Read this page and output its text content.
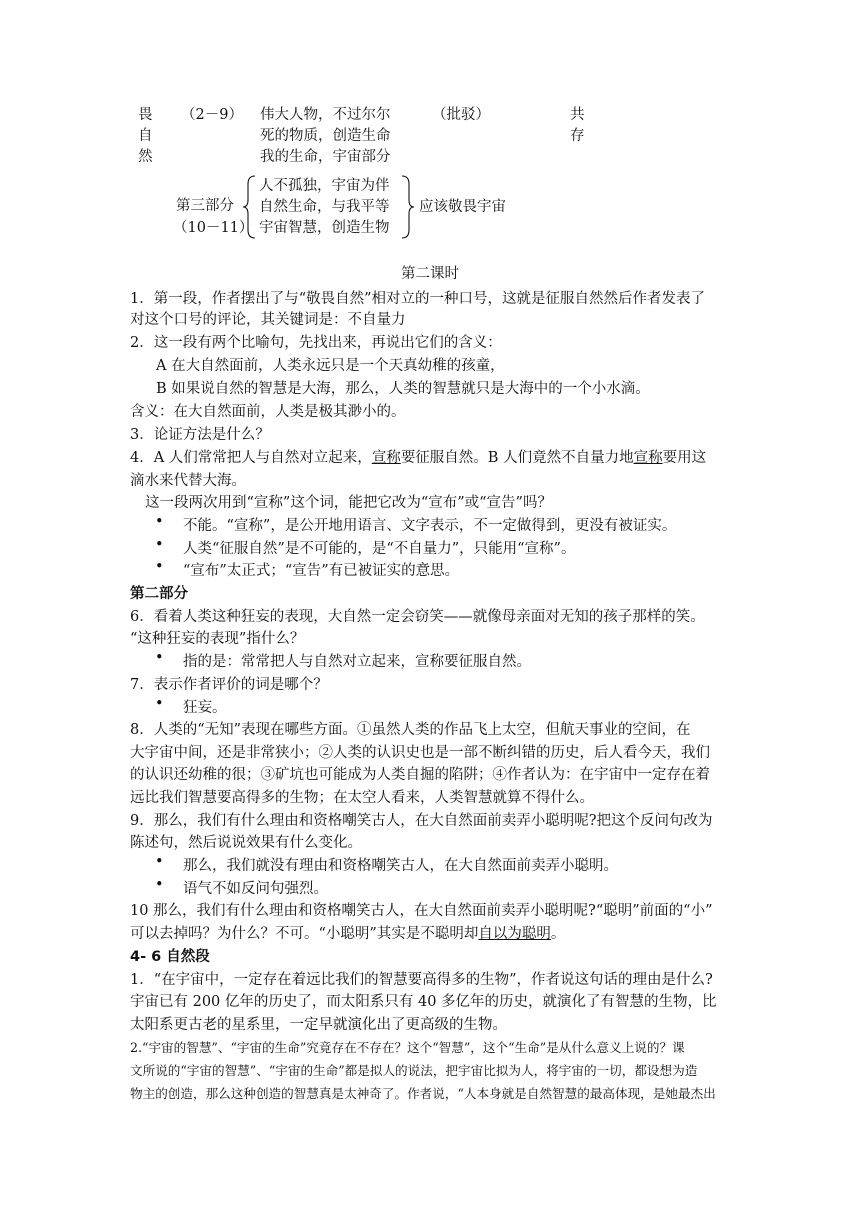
畏
自
然
（2－9） 伟大人物，不过尔尔
死的物质，创造生命
我的生命，宇宙部分
（批驳）	共
存
第三部分
（10－11）
人不孤独，宇宙为伴
自然生命，与我平等
宇宙智慧，创造生物
应该敬畏宇宙
第二课时
1．第一段，作者摆出了与“敬畏自然”相对立的一种口号，这就是征服自然然后作者发表了
对这个口号的评论，其关键词是：不自量力
2．这一段有两个比喻句，先找出来，再说出它们的含义：
A 在大自然面前，人类永远只是一个天真幼稚的孩童，
B 如果说自然的智慧是大海，那么，人类的智慧就只是大海中的一个小水滴。
含义：在大自然面前，人类是极其渺小的。
3．论证方法是什么？
4．A 人们常常把人与自然对立起来，宣称要征服自然。B 人们竟然不自量力地宣称要用这
滴水来代替大海。
这一段两次用到“宣称”这个词，能把它改为“宣布”或“宣告”吗？
• 不能。“宣称”，是公开地用语言、文字表示，不一定做得到，更没有被证实。
• 人类“征服自然”是不可能的，是“不自量力”，只能用“宣称”。
• “宣布”太正式；“宣告”有已被证实的意思。
第二部分
6．看着人类这种狂妄的表现，大自然一定会窃笑——就像母亲面对无知的孩子那样的笑。
“这种狂妄的表现”指什么？
• 指的是：常常把人与自然对立起来，宣称要征服自然。
7．表示作者评价的词是哪个？
• 狂妄。
8．人类的“无知”表现在哪些方面。①虽然人类的作品飞上太空，但航天事业的空间，在
大宇宙中间，还是非常狭小；②人类的认识史也是一部不断纠错的历史，后人看今天，我们
的认识还幼稚的很；③矿坑也可能成为人类自掘的陷阱；④作者认为：在宇宙中一定存在着
远比我们智慧要高得多的生物；在太空人看来，人类智慧就算不得什么。
9．那么，我们有什么理由和资格嘲笑古人，在大自然面前卖弄小聪明呢?把这个反问句改为
陈述句，然后说说效果有什么变化。
• 那么，我们就没有理由和资格嘲笑古人，在大自然面前卖弄小聪明。
• 语气不如反问句强烈。
10 那么，我们有什么理由和资格嘲笑古人，在大自然面前卖弄小聪明呢?“聪明”前面的“小”
可以去掉吗？为什么？不可。“小聪明”其实是不聪明却自以为聪明。
4- 6 自然段
1．“在宇宙中，一定存在着远比我们的智慧要高得多的生物”，作者说这句话的理由是什么?
宇宙已有 200 亿年的历史了，而太阳系只有 40 多亿年的历史，就演化了有智慧的生物，比
太阳系更古老的星系里，一定早就演化出了更高级的生物。
2.“宇宙的智慧”、“宇宙的生命”究竟存在不存在？这个“智慧”，这个“生命”是从什么意义上说的？课
文所说的“宇宙的智慧”、“宇宙的生命”都是拟人的说法，把宇宙比拟为人，将宇宙的一切，都设想为造
物主的创造，那么这种创造的智慧真是太神奇了。作者说，“人本身就是自然智慧的最高体现，是她最杰出
